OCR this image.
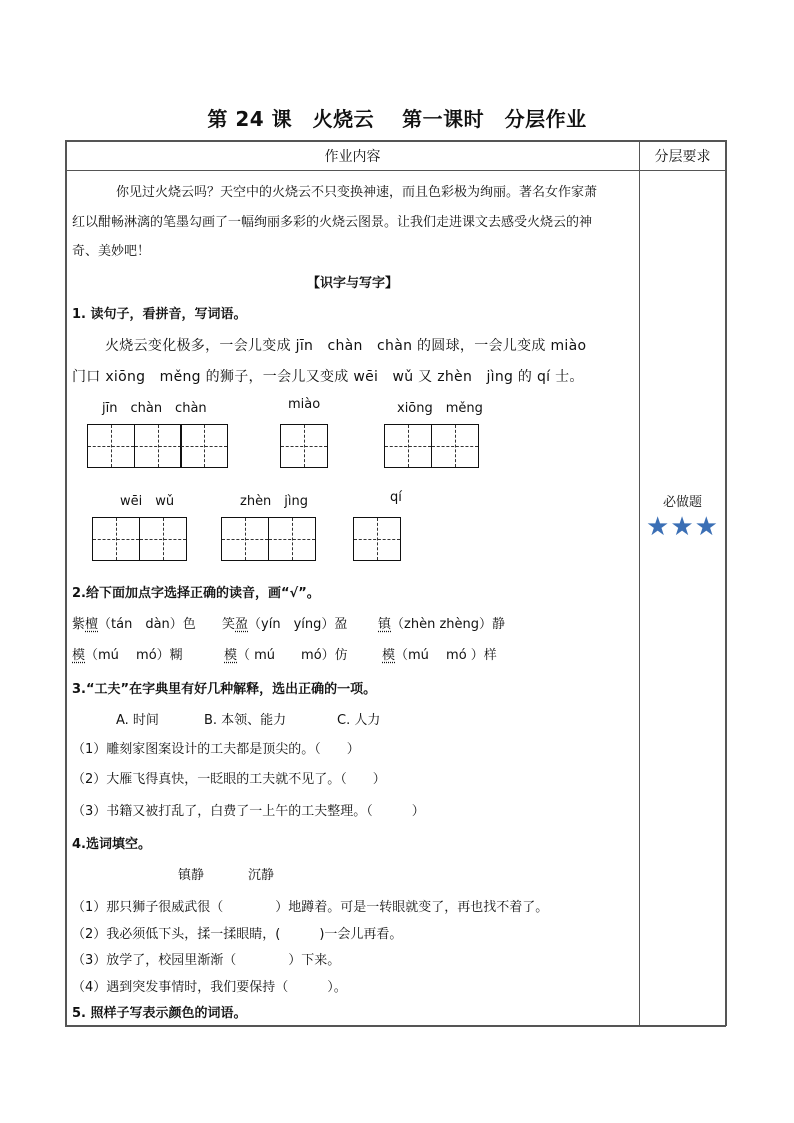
第 24 课　火烧云　 第一课时　分层作业
作业内容	分层要求
你见过火烧云吗？天空中的火烧云不只变换神速，而且色彩极为绚丽。著名女作家萧
红以酣畅淋漓的笔墨勾画了一幅绚丽多彩的火烧云图景。让我们走进课文去感受火烧云的神
奇、美妙吧！
【识字与写字】
1. 读句子，看拼音，写词语。
火烧云变化极多，一会儿变成 jīn　chàn　chàn 的圆球，一会儿变成 miào
门口 xiōng　měng 的狮子，一会儿又变成 wēi　wǔ 又 zhèn　jìng 的 qí 士。
jīn　chàn　chàn	miào	xiōng　měng
wēi　wǔ	zhèn　jìng	qí
2.给下面加点字选择正确的读音，画“√”。
紫檀（tán　dàn）色 笑盈（yín　yíng）盈 镇（zhèn zhèng）静
模（mú　 mó）糊	模（ mú　　mó）仿	模（mú　 mó ）样
3.“工夫”在字典里有好几种解释，选出正确的一项。
A. 时间	B. 本领、能力	C. 人力
（1）雕刻家图案设计的工夫都是顶尖的。（　　）
（2）大雁飞得真快，一眨眼的工夫就不见了。（　　）
（3）书籍又被打乱了，白费了一上午的工夫整理。（　　　）
4.选词填空。
镇静	沉静
（1）那只狮子很威武很（　　　　）地蹲着。可是一转眼就变了，再也找不着了。
（2）我必须低下头，揉一揉眼睛，(　　　)一会儿再看。
（3）放学了，校园里渐渐（　　　　）下来。
（4）遇到突发事情时，我们要保持（　　　）。
5. 照样子写表示颜色的词语。
必做题
★★★
